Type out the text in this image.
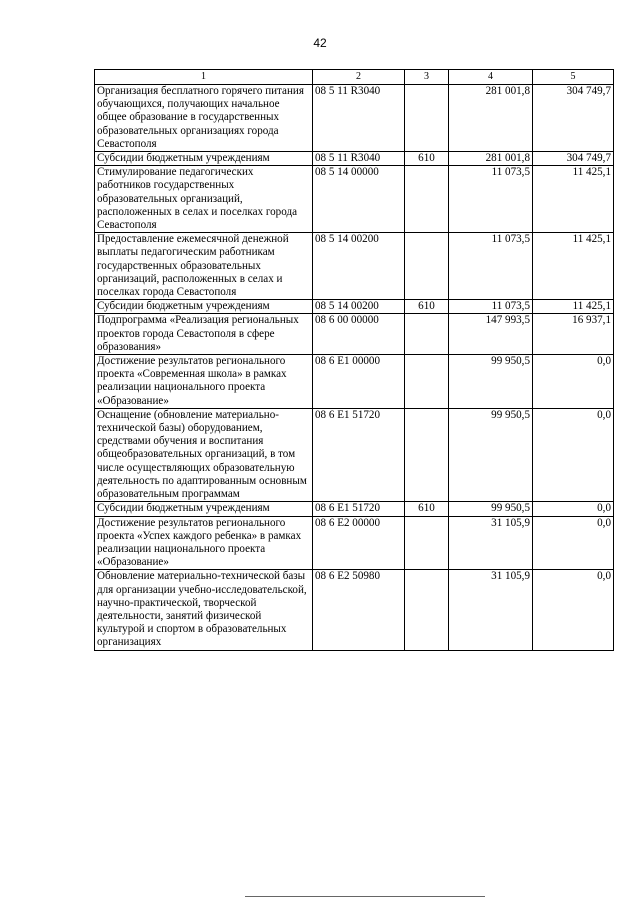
42
1	2	3	4	5
Организация бесплатного горячего питания обучающихся, получающих начальное общее образование в государственных образовательных организациях города Севастополя	08 5 11 R3040		281 001,8	304 749,7
Субсидии бюджетным учреждениям	08 5 11 R3040	610	281 001,8	304 749,7
Стимулирование педагогических работников государственных образовательных организаций, расположенных в селах и поселках города Севастополя	08 5 14 00000		11 073,5	11 425,1
Предоставление ежемесячной денежной выплаты педагогическим работникам государственных образовательных организаций, расположенных в селах и поселках города Севастополя	08 5 14 00200		11 073,5	11 425,1
Субсидии бюджетным учреждениям	08 5 14 00200	610	11 073,5	11 425,1
Подпрограмма «Реализация региональных проектов города Севастополя в сфере образования»	08 6 00 00000		147 993,5	16 937,1
Достижение результатов регионального проекта «Современная школа» в рамках реализации национального проекта «Образование»	08 6 E1 00000		99 950,5	0,0
Оснащение (обновление материально-технической базы) оборудованием, средствами обучения и воспитания общеобразовательных организаций, в том числе осуществляющих образовательную деятельность по адаптированным основным образовательным программам	08 6 E1 51720		99 950,5	0,0
Субсидии бюджетным учреждениям	08 6 E1 51720	610	99 950,5	0,0
Достижение результатов регионального проекта «Успех каждого ребенка» в рамках реализации национального проекта «Образование»	08 6 E2 00000		31 105,9	0,0
Обновление материально-технической базы для организации учебно-исследовательской, научно-практической, творческой деятельности, занятий физической культурой и спортом в образовательных организациях	08 6 E2 50980		31 105,9	0,0
